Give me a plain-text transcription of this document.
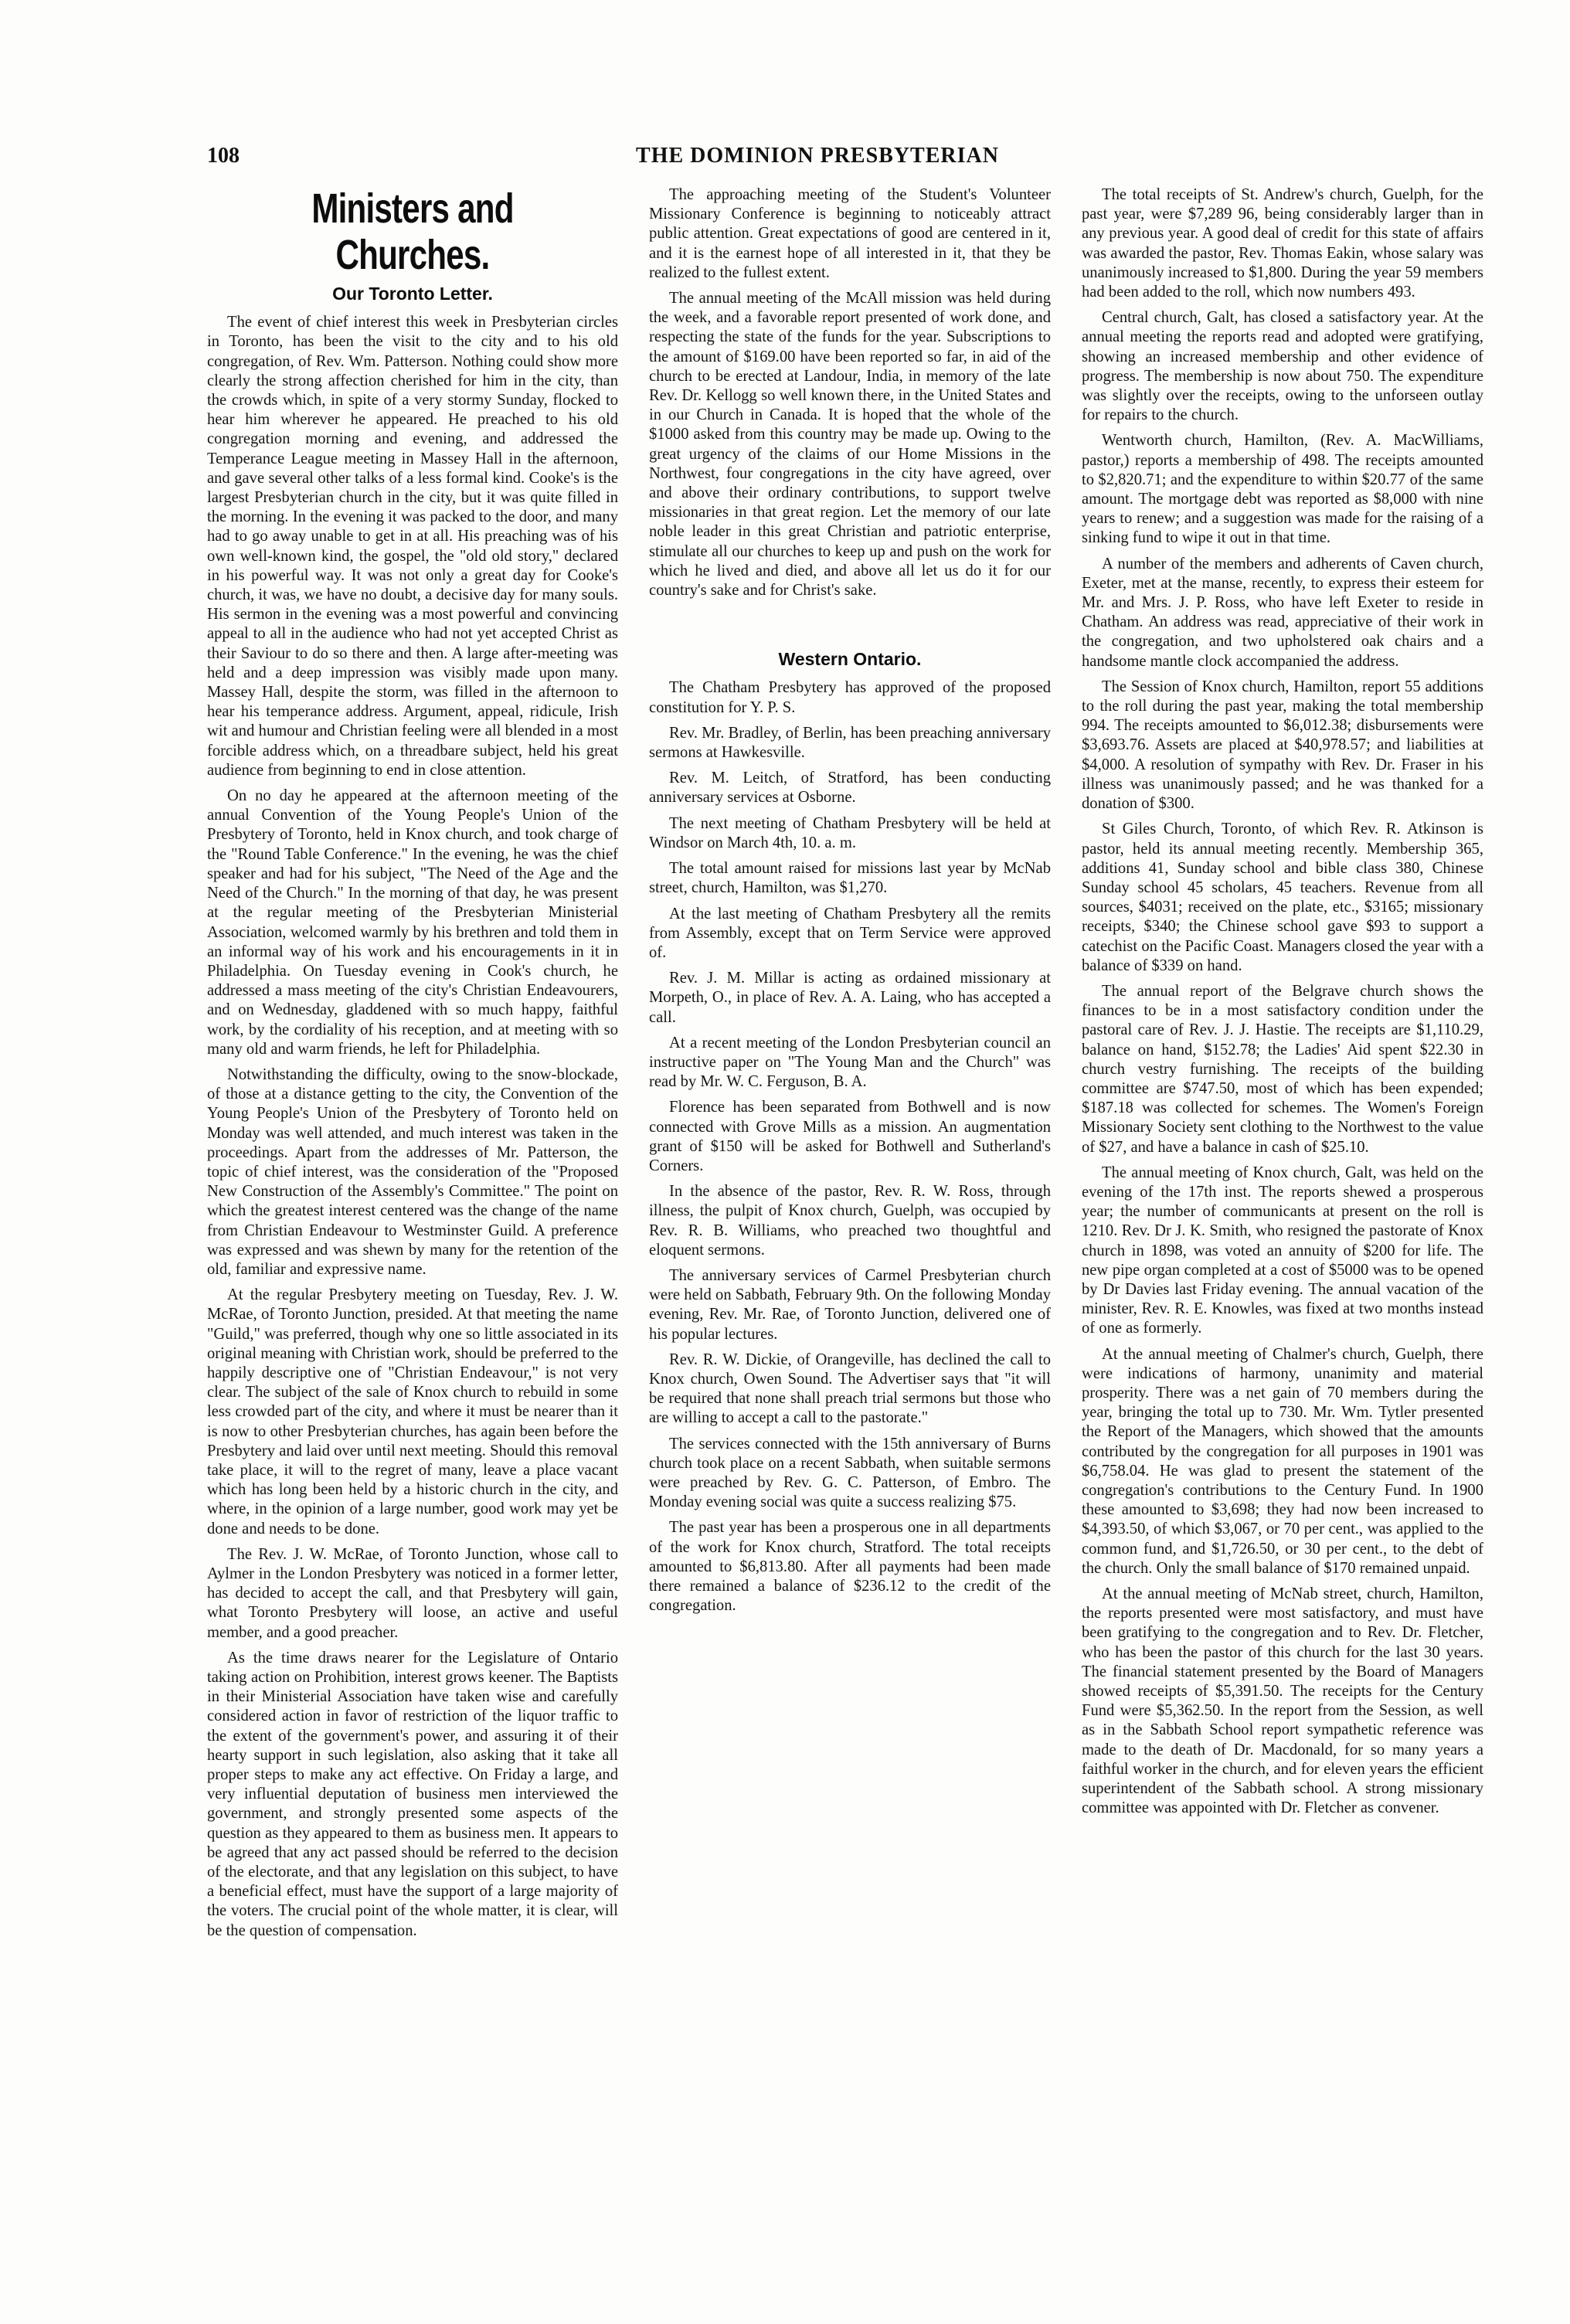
108	THE DOMINION PRESBYTERIAN
Ministers and Churches.
Our Toronto Letter.

The event of chief interest this week in Presbyterian circles in Toronto, has been the visit to the city and to his old congregation, of Rev. Wm. Patterson. Nothing could show more clearly the strong affection cherished for him in the city, than the crowds which, in spite of a very stormy Sunday, flocked to hear him wherever he appeared. He preached to his old congregation morning and evening, and addressed the Temperance League meeting in Massey Hall in the afternoon, and gave several other talks of a less formal kind. Cooke's is the largest Presbyterian church in the city, but it was quite filled in the morning. In the evening it was packed to the door, and many had to go away unable to get in at all. His preaching was of his own well-known kind, the gospel, the "old old story," declared in his powerful way. It was not only a great day for Cooke's church, it was, we have no doubt, a decisive day for many souls. His sermon in the evening was a most powerful and convincing appeal to all in the audience who had not yet accepted Christ as their Saviour to do so there and then. A large after-meeting was held and a deep impression was visibly made upon many. Massey Hall, despite the storm, was filled in the afternoon to hear his temperance address. Argument, appeal, ridicule, Irish wit and humour and Christian feeling were all blended in a most forcible address which, on a threadbare subject, held his great audience from beginning to end in close attention.

On no day he appeared at the afternoon meeting of the annual Convention of the Young People's Union of the Presbytery of Toronto, held in Knox church, and took charge of the "Round Table Conference." In the evening, he was the chief speaker and had for his subject, "The Need of the Age and the Need of the Church." In the morning of that day, he was present at the regular meeting of the Presbyterian Ministerial Association, welcomed warmly by his brethren and told them in an informal way of his work and his encouragements in it in Philadelphia. On Tuesday evening in Cook's church, he addressed a mass meeting of the city's Christian Endeavourers, and on Wednesday, gladdened with so much happy, faithful work, by the cordiality of his reception, and at meeting with so many old and warm friends, he left for Philadelphia.

Notwithstanding the difficulty, owing to the snow-blockade, of those at a distance getting to the city, the Convention of the Young People's Union of the Presbytery of Toronto held on Monday was well attended, and much interest was taken in the proceedings. Apart from the addresses of Mr. Patterson, the topic of chief interest, was the consideration of the "Proposed New Construction of the Assembly's Committee." The point on which the greatest interest centered was the change of the name from Christian Endeavour to Westminster Guild. A preference was expressed and was shewn by many for the retention of the old, familiar and expressive name.

At the regular Presbytery meeting on Tuesday, Rev. J. W. McRae, of Toronto Junction, presided. At that meeting the name "Guild," was preferred, though why one so little associated in its original meaning with Christian work, should be preferred to the happily descriptive one of "Christian Endeavour," is not very clear. The subject of the sale of Knox church to rebuild in some less crowded part of the city, and where it must be nearer than it is now to other Presbyterian churches, has again been before the Presbytery and laid over until next meeting. Should this removal take place, it will to the regret of many, leave a place vacant which has long been held by a historic church in the city, and where, in the opinion of a large number, good work may yet be done and needs to be done.

The Rev. J. W. McRae, of Toronto Junction, whose call to Aylmer in the London Presbytery was noticed in a former letter, has decided to accept the call, and that Presbytery will gain, what Toronto Presbytery will loose, an active and useful member, and a good preacher.

As the time draws nearer for the Legislature of Ontario taking action on Prohibition, interest grows keener. The Baptists in their Ministerial Association have taken wise and carefully considered action in favor of restriction of the liquor traffic to the extent of the government's power, and assuring it of their hearty support in such legislation, also asking that it take all proper steps to make any act effective. On Friday a large, and very influential deputation of business men interviewed the government, and strongly presented some aspects of the question as they appeared to them as business men. It appears to be agreed that any act passed should be referred to the decision of the electorate, and that any legislation on this subject, to have a beneficial effect, must have the support of a large majority of the voters. The crucial point of the whole matter, it is clear, will be the question of compensation.

The approaching meeting of the Student's Volunteer Missionary Conference is beginning to noticeably attract public attention. Great expectations of good are centered in it, and it is the earnest hope of all interested in it, that they be realized to the fullest extent.

The annual meeting of the McAll mission was held during the week, and a favorable report presented of work done, and respecting the state of the funds for the year. Subscriptions to the amount of $169.00 have been reported so far, in aid of the church to be erected at Landour, India, in memory of the late Rev. Dr. Kellogg so well known there, in the United States and in our Church in Canada. It is hoped that the whole of the $1000 asked from this country may be made up. Owing to the great urgency of the claims of our Home Missions in the Northwest, four congregations in the city have agreed, over and above their ordinary contributions, to support twelve missionaries in that great region. Let the memory of our late noble leader in this great Christian and patriotic enterprise, stimulate all our churches to keep up and push on the work for which he lived and died, and above all let us do it for our country's sake and for Christ's sake.

Western Ontario.

The Chatham Presbytery has approved of the proposed constitution for Y. P. S.

Rev. Mr. Bradley, of Berlin, has been preaching anniversary sermons at Hawkesville.

Rev. M. Leitch, of Stratford, has been conducting anniversary services at Osborne.

The next meeting of Chatham Presbytery will be held at Windsor on March 4th, 10. a. m.

The total amount raised for missions last year by McNab street, church, Hamilton, was $1,270.

At the last meeting of Chatham Presbytery all the remits from Assembly, except that on Term Service were approved of.

Rev. J. M. Millar is acting as ordained missionary at Morpeth, O., in place of Rev. A. A. Laing, who has accepted a call.

At a recent meeting of the London Presbyterian council an instructive paper on "The Young Man and the Church" was read by Mr. W. C. Ferguson, B. A.

Florence has been separated from Bothwell and is now connected with Grove Mills as a mission. An augmentation grant of $150 will be asked for Bothwell and Sutherland's Corners.

In the absence of the pastor, Rev. R. W. Ross, through illness, the pulpit of Knox church, Guelph, was occupied by Rev. R. B. Williams, who preached two thoughtful and eloquent sermons.

The anniversary services of Carmel Presbyterian church were held on Sabbath, February 9th. On the following Monday evening, Rev. Mr. Rae, of Toronto Junction, delivered one of his popular lectures.

Rev. R. W. Dickie, of Orangeville, has declined the call to Knox church, Owen Sound. The Advertiser says that "it will be required that none shall preach trial sermons but those who are willing to accept a call to the pastorate."

The services connected with the 15th anniversary of Burns church took place on a recent Sabbath, when suitable sermons were preached by Rev. G. C. Patterson, of Embro. The Monday evening social was quite a success realizing $75.

The past year has been a prosperous one in all departments of the work for Knox church, Stratford. The total receipts amounted to $6,813.80. After all payments had been made there remained a balance of $236.12 to the credit of the congregation.

The total receipts of St. Andrew's church, Guelph, for the past year, were $7,289 96, being considerably larger than in any previous year. A good deal of credit for this state of affairs was awarded the pastor, Rev. Thomas Eakin, whose salary was unanimously increased to $1,800. During the year 59 members had been added to the roll, which now numbers 493.

Central church, Galt, has closed a satisfactory year. At the annual meeting the reports read and adopted were gratifying, showing an increased membership and other evidence of progress. The membership is now about 750. The expenditure was slightly over the receipts, owing to the unforseen outlay for repairs to the church.

Wentworth church, Hamilton, (Rev. A. MacWilliams, pastor,) reports a membership of 498. The receipts amounted to $2,820.71; and the expenditure to within $20.77 of the same amount. The mortgage debt was reported as $8,000 with nine years to renew; and a suggestion was made for the raising of a sinking fund to wipe it out in that time.

A number of the members and adherents of Caven church, Exeter, met at the manse, recently, to express their esteem for Mr. and Mrs. J. P. Ross, who have left Exeter to reside in Chatham. An address was read, appreciative of their work in the congregation, and two upholstered oak chairs and a handsome mantle clock accompanied the address.

The Session of Knox church, Hamilton, report 55 additions to the roll during the past year, making the total membership 994. The receipts amounted to $6,012.38; disbursements were $3,693.76. Assets are placed at $40,978.57; and liabilities at $4,000. A resolution of sympathy with Rev. Dr. Fraser in his illness was unanimously passed; and he was thanked for a donation of $300.

St Giles Church, Toronto, of which Rev. R. Atkinson is pastor, held its annual meeting recently. Membership 365, additions 41, Sunday school and bible class 380, Chinese Sunday school 45 scholars, 45 teachers. Revenue from all sources, $4031; received on the plate, etc., $3165; missionary receipts, $340; the Chinese school gave $93 to support a catechist on the Pacific Coast. Managers closed the year with a balance of $339 on hand.

The annual report of the Belgrave church shows the finances to be in a most satisfactory condition under the pastoral care of Rev. J. J. Hastie. The receipts are $1,110.29, balance on hand, $152.78; the Ladies' Aid spent $22.30 in church vestry furnishing. The receipts of the building committee are $747.50, most of which has been expended; $187.18 was collected for schemes. The Women's Foreign Missionary Society sent clothing to the Northwest to the value of $27, and have a balance in cash of $25.10.

The annual meeting of Knox church, Galt, was held on the evening of the 17th inst. The reports shewed a prosperous year; the number of communicants at present on the roll is 1210. Rev. Dr J. K. Smith, who resigned the pastorate of Knox church in 1898, was voted an annuity of $200 for life. The new pipe organ completed at a cost of $5000 was to be opened by Dr Davies last Friday evening. The annual vacation of the minister, Rev. R. E. Knowles, was fixed at two months instead of one as formerly.

At the annual meeting of Chalmer's church, Guelph, there were indications of harmony, unanimity and material prosperity. There was a net gain of 70 members during the year, bringing the total up to 730. Mr. Wm. Tytler presented the Report of the Managers, which showed that the amounts contributed by the congregation for all purposes in 1901 was $6,758.04. He was glad to present the statement of the congregation's contributions to the Century Fund. In 1900 these amounted to $3,698; they had now been increased to $4,393.50, of which $3,067, or 70 per cent., was applied to the common fund, and $1,726.50, or 30 per cent., to the debt of the church. Only the small balance of $170 remained unpaid.

At the annual meeting of McNab street, church, Hamilton, the reports presented were most satisfactory, and must have been gratifying to the congregation and to Rev. Dr. Fletcher, who has been the pastor of this church for the last 30 years. The financial statement presented by the Board of Managers showed receipts of $5,391.50. The receipts for the Century Fund were $5,362.50. In the report from the Session, as well as in the Sabbath School report sympathetic reference was made to the death of Dr. Macdonald, for so many years a faithful worker in the church, and for eleven years the efficient superintendent of the Sabbath school. A strong missionary committee was appointed with Dr. Fletcher as convener.
